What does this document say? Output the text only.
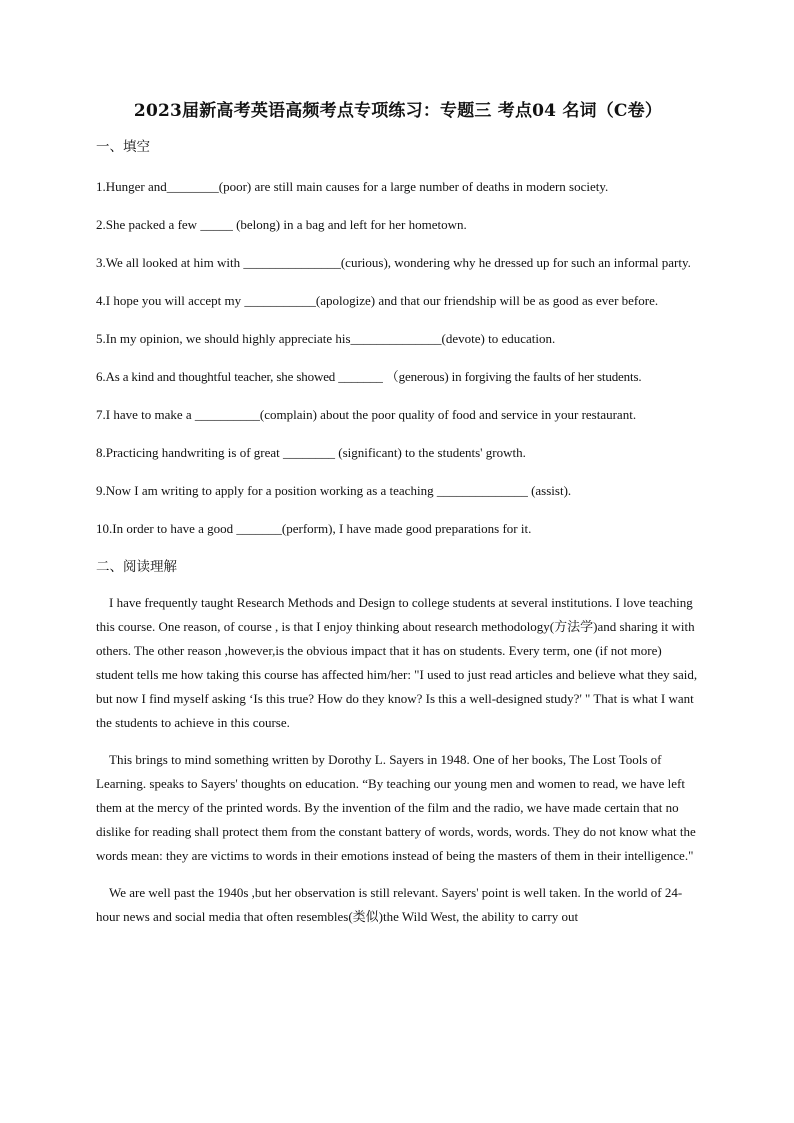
2023届新高考英语高频考点专项练习：专题三 考点04 名词（C卷）
一、填空

1.Hunger and________(poor) are still main causes for a large number of deaths in modern society.

2.She packed a few _____ (belong) in a bag and left for her hometown.

3.We all looked at him with _______________(curious), wondering why he dressed up for such an informal party.

4.I hope you will accept my ___________(apologize) and that our friendship will be as good as ever before.

5.In my opinion, we should highly appreciate his______________(devote) to education.

6.As a kind and thoughtful teacher, she showed _______ （generous) in forgiving the faults of her students.

7.I have to make a __________(complain) about the poor quality of food and service in your restaurant.

8.Practicing handwriting is of great ________ (significant) to the students' growth.

9.Now I am writing to apply for a position working as a teaching ______________ (assist).

10.In order to have a good _______(perform), I have made good preparations for it.

二、阅读理解

I have frequently taught Research Methods and Design to college students at several institutions. I love teaching this course. One reason, of course , is that I enjoy thinking about research methodology(方法学)and sharing it with others. The other reason ,however,is the obvious impact that it has on students. Every term, one (if not more) student tells me how taking this course has affected him/her: "I used to just read articles and believe what they said, but now I find myself asking ‘Is this true? How do they know? Is this a well-designed study?' " That is what I want the students to achieve in this course.

This brings to mind something written by Dorothy L. Sayers in 1948. One of her books, The Lost Tools of Learning. speaks to Sayers' thoughts on education. “By teaching our young men and women to read, we have left them at the mercy of the printed words. By the invention of the film and the radio, we have made certain that no dislike for reading shall protect them from the constant battery of words, words, words. They do not know what the words mean: they are victims to words in their emotions instead of being the masters of them in their intelligence."

We are well past the 1940s ,but her observation is still relevant. Sayers' point is well taken. In the world of 24-hour news and social media that often resembles(类似)the Wild West, the ability to carry out
